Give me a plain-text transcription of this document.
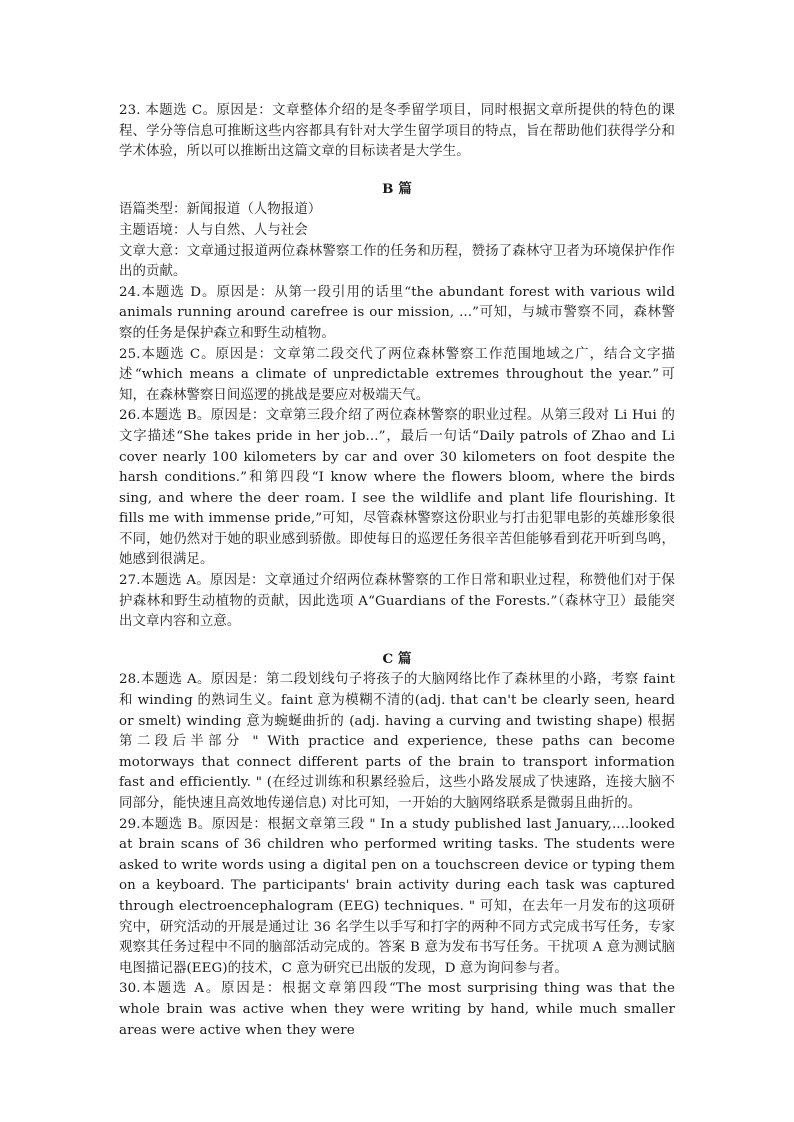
23. 本题选 C。原因是：文章整体介绍的是冬季留学项目，同时根据文章所提供的特色的课程、学分等信息可推断这些内容都具有针对大学生留学项目的特点，旨在帮助他们获得学分和学术体验，所以可以推断出这篇文章的目标读者是大学生。

B 篇

语篇类型：新闻报道（人物报道）

主题语境：人与自然、人与社会

文章大意：文章通过报道两位森林警察工作的任务和历程，赞扬了森林守卫者为环境保护作作出的贡献。

24.本题选 D。原因是：从第一段引用的话里“the abundant forest with various wild animals running around carefree is our mission, ...”可知，与城市警察不同，森林警察的任务是保护森立和野生动植物。

25.本题选 C。原因是：文章第二段交代了两位森林警察工作范围地域之广，结合文字描述“which means a climate of unpredictable extremes throughout the year.”可知，在森林警察日间巡逻的挑战是要应对极端天气。

26.本题选 B。原因是：文章第三段介绍了两位森林警察的职业过程。从第三段对 Li Hui 的文字描述“She takes pride in her job...”，最后一句话“Daily patrols of Zhao and Li cover nearly 100 kilometers by car and over 30 kilometers on foot despite the harsh conditions.”和第四段“I know where the flowers bloom, where the birds sing, and where the deer roam. I see the wildlife and plant life flourishing. It fills me with immense pride,”可知，尽管森林警察这份职业与打击犯罪电影的英雄形象很不同，她仍然对于她的职业感到骄傲。即使每日的巡逻任务很辛苦但能够看到花开听到鸟鸣，她感到很满足。

27.本题选 A。原因是：文章通过介绍两位森林警察的工作日常和职业过程，称赞他们对于保护森林和野生动植物的贡献，因此选项 A“Guardians of the Forests.”（森林守卫）最能突出文章内容和立意。

C 篇

28.本题选 A。原因是：第二段划线句子将孩子的大脑网络比作了森林里的小路，考察 faint 和 winding 的熟词生义。faint 意为模糊不清的(adj. that can't be clearly seen, heard or smelt) winding 意为蜿蜒曲折的 (adj. having a curving and twisting shape) 根据第二段后半部分 " With practice and experience, these paths can become motorways that connect different parts of the brain to transport information fast and efficiently. " (在经过训练和积累经验后，这些小路发展成了快速路，连接大脑不同部分，能快速且高效地传递信息) 对比可知，一开始的大脑网络联系是微弱且曲折的。

29.本题选 B。原因是：根据文章第三段 " In a study published last January,....looked at brain scans of 36 children who performed writing tasks. The students were asked to write words using a digital pen on a touchscreen device or typing them on a keyboard. The participants' brain activity during each task was captured through electroencephalogram (EEG) techniques. " 可知，在去年一月发布的这项研究中，研究活动的开展是通过让 36 名学生以手写和打字的两种不同方式完成书写任务，专家观察其任务过程中不同的脑部活动完成的。答案 B 意为发布书写任务。干扰项 A 意为测试脑电图描记器(EEG)的技术，C 意为研究已出版的发现，D 意为询问参与者。

30.本题选 A。原因是：根据文章第四段“The most surprising thing was that the whole brain was active when they were writing by hand, while much smaller areas were active when they were
